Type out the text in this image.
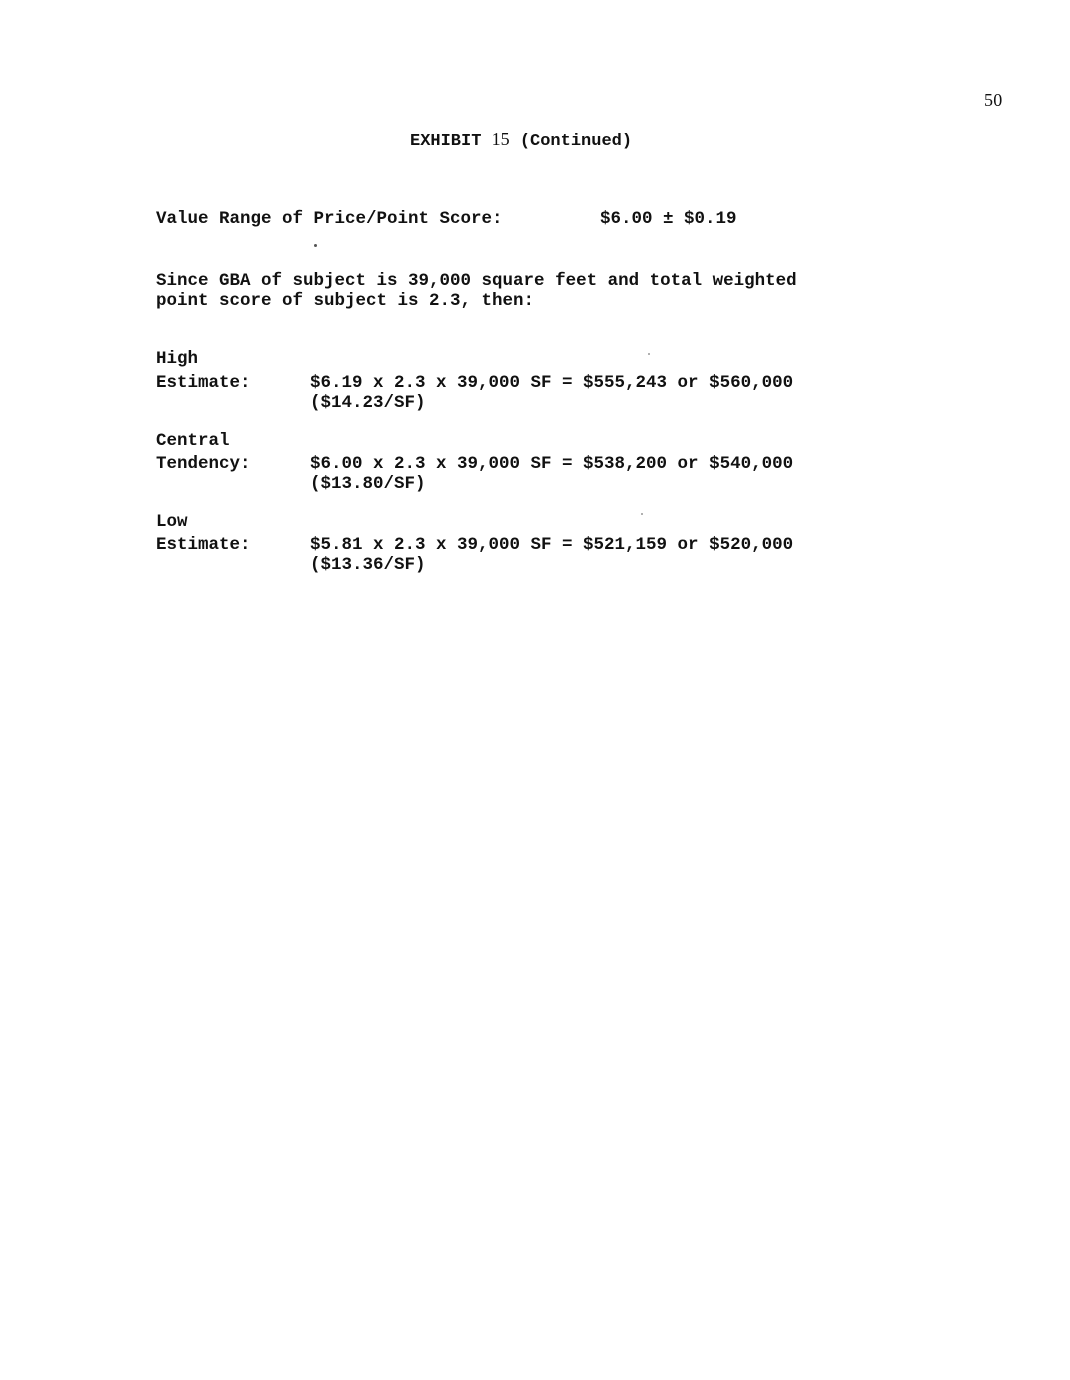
50
EXHIBIT 15 (Continued)
Value Range of Price/Point Score:	$6.00 ± $0.19
Since GBA of subject is 39,000 square feet and total weighted
point score of subject is 2.3, then:
High
Estimate:	$6.19 x 2.3 x 39,000 SF = $555,243 or $560,000
($14.23/SF)
Central
Tendency:	$6.00 x 2.3 x 39,000 SF = $538,200 or $540,000
($13.80/SF)
Low
Estimate:	$5.81 x 2.3 x 39,000 SF = $521,159 or $520,000
($13.36/SF)
